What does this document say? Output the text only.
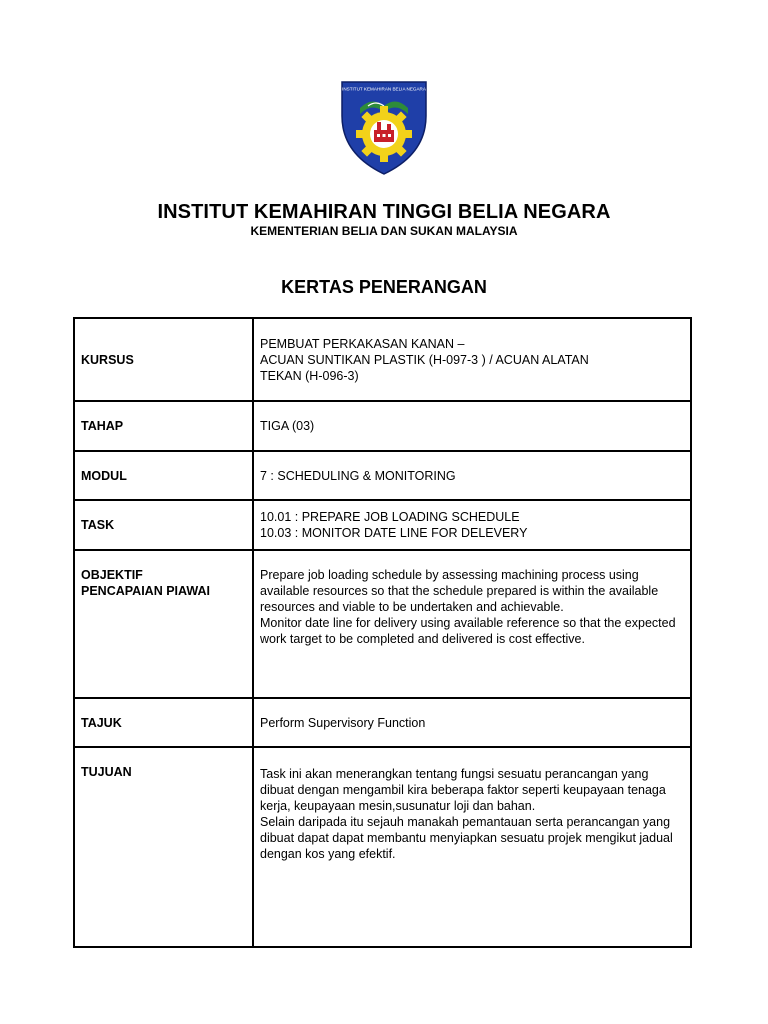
INSTITUT KEMAHIRAN BELIA NEGARA
INSTITUT KEMAHIRAN TINGGI BELIA NEGARA
KEMENTERIAN BELIA DAN SUKAN MALAYSIA
KERTAS PENERANGAN
KURSUS	PEMBUAT PERKAKASAN KANAN –
ACUAN SUNTIKAN PLASTIK (H-097-3 ) / ACUAN ALATAN
TEKAN (H-096-3)

TAHAP	TIGA (03)
MODUL	7 : SCHEDULING & MONITORING
TASK	10.01 : PREPARE JOB LOADING SCHEDULE
10.03 : MONITOR DATE LINE FOR DELEVERY

OBJEKTIF
PENCAPAIAN PIAWAI	Prepare job loading schedule by assessing machining process using available resources so that the schedule prepared is within the available resources and viable to be undertaken and achievable.
Monitor date line for delivery using available reference so that the expected work target to be completed and delivered is cost effective.

TAJUK	Perform Supervisory Function
TUJUAN	Task ini akan menerangkan tentang fungsi sesuatu perancangan yang dibuat dengan mengambil kira beberapa faktor seperti keupayaan tenaga kerja, keupayaan mesin,susunatur loji dan bahan.
Selain daripada itu sejauh manakah pemantauan serta perancangan yang dibuat dapat dapat membantu menyiapkan sesuatu projek mengikut jadual dengan kos yang efektif.
